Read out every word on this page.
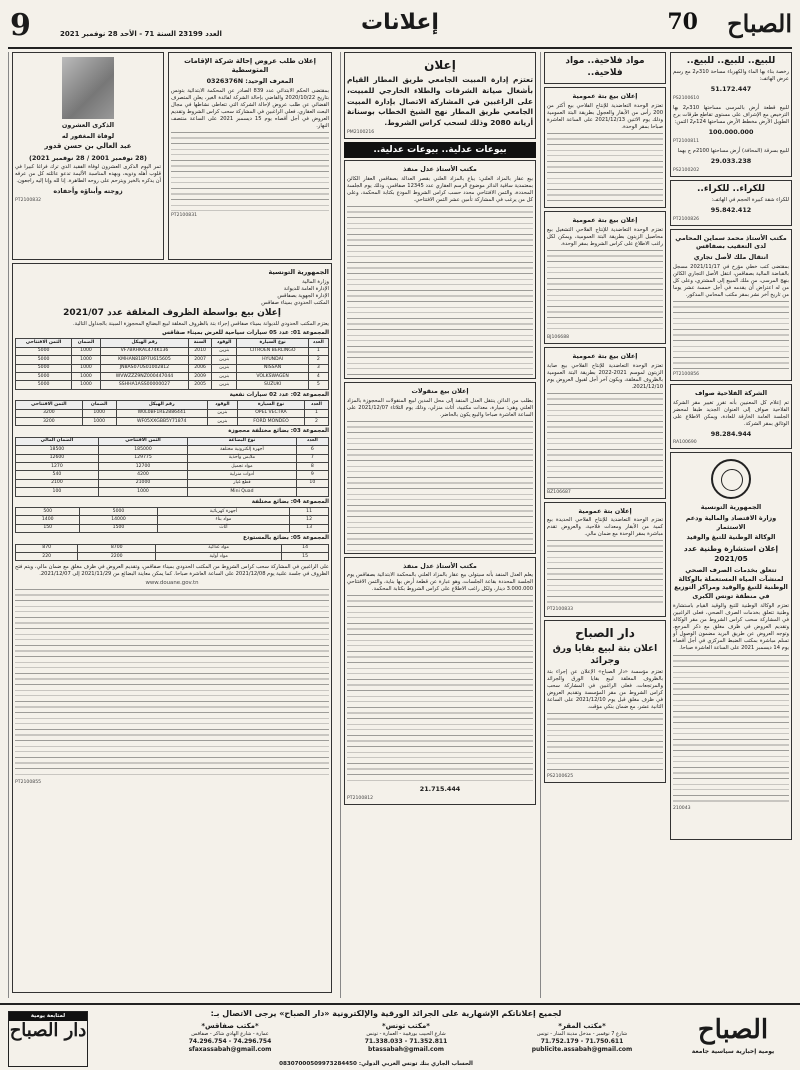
9	العدد 23199 السنة 71 - الأحد 28 نوفمبر 2021	إعلانات	70 الصباح
للبيع.. للبيع.. للبيع..
رخصة بناء بها الماء والكهرباء مساحة 310م2 مع رسم عرض الهاتف:
51.172.447
PS2100610
للبيع قطعة أرض بالمرسى مساحتها 310م2 بها الترخيص مع الإشراف على مستوى تقاطع طرقات برج الطويل الأرض مخطط الأرض مساحتها 124م2 الثمن:
100.000.000
PT2100811
للبيع بسرقة (المحافة) أرض مساحتها 2100م ج بهما
29.033.238
PS2100202
للكراء.. للكراء..
للكراء شقة كبيرة الحجم في الهاتف:
95.842.412
PT2100826
مكتب الأستاذ محمد سماين المحامي لدى التعقيب بصفاقس
انتقال ملك لأصل تجاري
بمقتضى كتب خطي مؤرخ في 2021/11/17 مسجل بالقباضة المالية بصفاقس، انتقل الأصل التجاري الكائن بنهج المرسى، من ملك المبيع إلى المشتري، وعلى كل من له اعتراض أن يقدمه في أجل خمسة عشر يوما من تاريخ آخر نشر بمقر مكتب المحامي المذكور.
PT2100856
الشركة الفلاحية صواف
تم إعلام كل المعنيين بأنه تقرر تغيير مقر الشركة الفلاحية صواف إلى العنوان الجديد طبقا لمحضر الجلسة العامة الخارقة للعادة، ويمكن الاطلاع على الوثائق بمقر الشركة.
98.284.944
RA100690
الجمهورية التونسية
وزارة الاقتصاد والمالية ودعم الاستثمار
الوكالة الوطنية للتبغ والوقيد
إعلان استشارة وطنية عدد 2021/05
تتعلق بخدمات الصرف الصحي لمنشآت المياه المستعملة بالوكالة الوطنية للتبغ والوقيد ومراكز التوزيع في منطقة تونس الكبرى
تعتزم الوكالة الوطنية للتبغ والوقيد القيام باستشارة وطنية تتعلق بخدمات الصرف الصحي، فعلى الراغبين في المشاركة سحب كراس الشروط من مقر الوكالة وتقديم العروض في ظرف مغلق مع ذكر المرجع، وتوجه العروض عن طريق البريد مضمون الوصول أو تسلم مباشرة بمكتب الضبط المركزي في أجل أقصاه يوم 14 ديسمبر 2021 على الساعة العاشرة صباحا.
210043
مواد فلاحية.. مواد فلاحية..
إعلان بيع بتة عمومية
تعتزم الوحدة التعاضدية للإنتاج الفلاحي بيع أكثر من 200 رأس من الأبقار والعجول بطريقة البتة العمومية وذلك يوم الاثنين 2021/12/13 على الساعة العاشرة صباحا بمقر الوحدة.
إعلان بيع بتة عمومية
تعتزم الوحدة التعاضدية للإنتاج الفلاحي التشغيل بيع محاصيل الزيتون بطريقة البتة العمومية، ويمكن لكل راغب الاطلاع على كراس الشروط بمقر الوحدة.
BJ106688
إعلان بيع بتة عمومية
تعتزم الوحدة التعاضدية للإنتاج الفلاحي بيع صابة الزيتون لموسم 2021-2022 بطريقة البتة العمومية بالظروف المغلقة، ويكون آخر أجل لقبول العروض يوم 2021/12/10.
BZ106687
إعلان بتة عمومية
تعتزم الوحدة التعاضدية للإنتاج الفلاحي الحديدة بيع كمية من الأبقار ومعدات فلاحية، والعروض تقدم مباشرة بمقر الوحدة مع ضمان مالي.
PT2100833
دار الصباح
اعلان بتة لبيع بقايا ورق وجرائد
تعتزم مؤسسة «دار الصباح» الإعلان عن إجراء بتة بالظروف المغلقة لبيع بقايا الورق والجرائد والمرتجعات، فعلى الراغبين في المشاركة سحب كراس الشروط من مقر المؤسسة وتقديم العروض في ظرف مغلق قبل يوم 2021/12/10 على الساعة الثانية عشر، مع ضمان بنكي مؤقت.
PS2100625
إعلان
تعتزم إدارة المبيت الجامعي طريق المطار القيام بأشغال صيانة الشرفات والطلاء الخارجي للمبيت، على الراغبين في المشاركة الاتصال بإدارة المبيت الجامعي طريق المطار نهج الشيخ الخطاب بوسنانة أريانة 2080 وذلك لسحب كراس الشروط.
PM2100216
بيوعات عدلية.. بيوعات عدلية..
مكتب الأستاذ عدل منفذ
بيع عقار بالمزاد العلني: يباع بالمزاد العلني بقصر العدالة بصفاقس العقار الكائن بمعتمدية ساقية الدائر موضوع الرسم العقاري عدد 12345 صفاقس، وذلك يوم الجلسة المحددة، والثمن الافتتاحي محدد حسب كراس الشروط المودع بكتابة المحكمة، وعلى كل من يرغب في المشاركة تأمين عشر الثمن الافتتاحي.
إعلان بيع منقولات
بطلب من الدائن ينتقل العدل المنفذ إلى محل المدين لبيع المنقولات المحجوزة بالمزاد العلني وهي: سيارة، معدات مكتبية، أثاث منزلي، وذلك يوم الثلاثاء 2021/12/07 على الساعة العاشرة صباحا والبيع يكون بالحاضر.
مكتب الأستاذ عدل منفذ
يعلم العدل المنفذ بأنه سيتولى بيع عقار بالمزاد العلني بالمحكمة الابتدائية بصفاقس يوم الجلسة المحددة بقاعة الجلسات، وهو عبارة عن قطعة أرض بها بناية، والثمن الافتتاحي 3.000.000 دينار، ولكل راغب الاطلاع على كراس الشروط بكتابة المحكمة.
21.715.444
PT2100812
إعلان طلب عروض إحالة شركة الإقامات المتوسطية
المعرف الوحيد: 0326376N
بمقتضى الحكم الابتدائي عدد 839 الصادر عن المحكمة الابتدائية بتونس بتاريخ 2020/10/22 والقاضي بإحالة الشركة لفائدة الغير، يعلن المتصرف القضائي عن طلب عروض لإحالة الشركة التي تتعاطى نشاطها في مجال البعث العقاري، فعلى الراغبين في المشاركة سحب كراس الشروط وتقديم العروض في أجل أقصاه يوم 15 ديسمبر 2021 على الساعة منتصف النهار.
PT2100831
الذكرى العشرون
لوفاة المغفور له
عبد العالي بن حسن قدور
(28 نوفمبر 2001 / 28 نوفمبر 2021)
تمر اليوم الذكرى العشرون لوفاة الفقيد الذي ترك فراغا كبيرا في قلوب أهله وذويه، وبهذه المناسبة الأليمة تدعو عائلته كل من عرفه أن يذكره بالخير ويترحم على روحه الطاهرة. إنا لله وإنا إليه راجعون.
زوجته وأبناؤه وأحفاده
PT2100832
الجمهورية التونسية
وزارة المالية
الإدارة العامة للديوانة
الإدارة الجهوية بصفاقس
المكتب الحدودي بميناء صفاقس
إعلان بيع بواسطة الظروف المغلقة عدد 2021/07
يعتزم المكتب الحدودي للديوانة بميناء صفاقس إجراء بتة بالظروف المغلقة لبيع البضائع المحجوزة المبينة بالجداول التالية.
المجموعة 01: عدد 05 سيارات سياحية للعرض بميناء صفاقس
العدد	نوع السيارة	الوقود	السنة	رقم الهيكل	الضمان	الثمن الافتتاحي
1	CITROEN BERLINGO	بنزين	2010	VF7BRHKAL474K136	1000	5000
2	HYUNDAI	بنزين	2007	KMHAN81BP7U615605	1000	5000
3	NISSAN	بنزين	2006	JN8AS07US01002812	1000	5000
4	VOLKSWAGEN	بنزين	2009	WVWZZZ9NZ000447044	1000	5000
5	SUZUKI	بنزين	2005	SSHHA1ASS00000027	1000	5000
المجموعة 02: عدد 02 سيارات نفعية
العدد	نوع السيارة	الوقود	رقم الهيكل	الضمان	الثمن الافتتاحي
1	OPEL VECTRA	بنزين	W0L0BF1RE2886441	1000	3200
2	FORD MONDEO	بنزين	WF05XXGBB5Y71874	1000	3200
المجموعة 03: بضائع مختلفة محجوزة
العدد	نوع البضاعة	الثمن الافتتاحي	الضمان المالي
6	أجهزة إلكترونية مختلفة	185000	18500
7	ملابس وأحذية	129775	12600
8	مواد تجميل	12700	1270
9	أدوات منزلية	4200	540
10	قطع غيار	21000	2100
	Mini Quad	1000	100
المجموعة 04: بضائع مختلفة
11	أجهزة كهربائية	5000	500
12	مواد بناء	14000	1400
13	أثاث	1500	150
المجموعة 05: بضائع بالمستودع
14	مواد غذائية	8700	870
15	مواد أولية	2200	220
على الراغبين في المشاركة سحب كراس الشروط من المكتب الحدودي بميناء صفاقس، وتقديم العروض في ظرف مغلق مع ضمان مالي، ويتم فتح الظروف في جلسة علنية يوم 2021/12/08 على الساعة العاشرة صباحا. كما يمكن معاينة البضائع من 2021/11/29 إلى 2021/12/07.
www.douane.gov.tn
PT2100855
الصباح
يومية إخبارية سياسية جامعة
لجميع إعلاناتكم الإشهارية على الجرائد الورقية والإلكترونية «دار الصباح» يرجى الاتصال بـ:
*مكتب المقر*
شارع 7 نوفمبر - مدخل مدينة المنار - تونس
71.752.179 - 71.750.611
publicite.assabah@gmail.com
*مكتب تونس*
شارع الحبيب بورقيبة - العمارة - تونس
71.338.033 - 71.352.811
btassabah@gmail.com
*مكتب صفاقس*
عمارة - شارع الهادي شاكر - صفاقس
74.296.754 - 74.296.754
sfaxassabah@gmail.com
لمتابعة يومية
دار الصباح
الحساب الجاري بنك تونس العربي الدولي: 08307000509973284450
